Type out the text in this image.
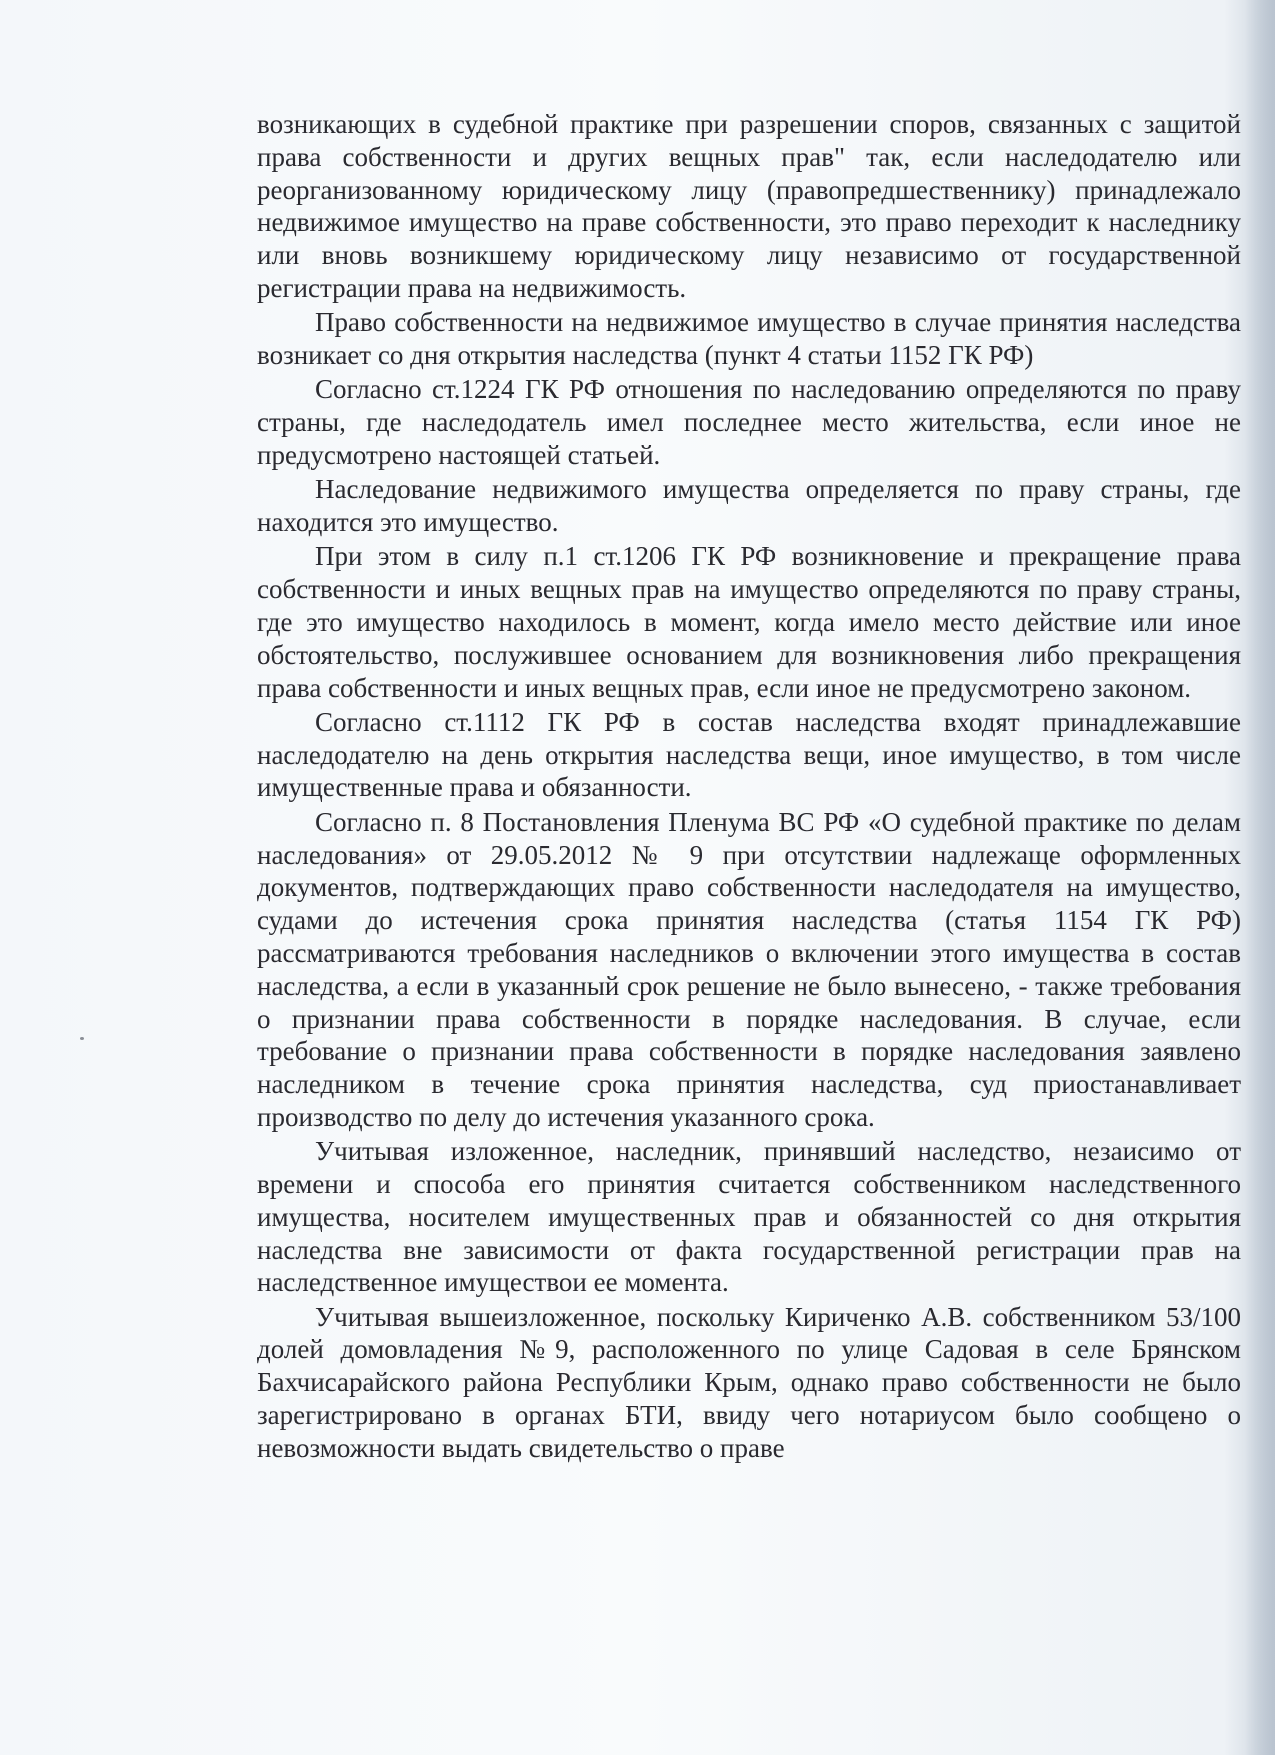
возникающих в судебной практике при разрешении споров, связанных с защитой права собственности и других вещных прав" так, если наследодателю или реорганизованному юридическому лицу (правопредшественнику) принадлежало недвижимое имущество на праве собственности, это право переходит к наследнику или вновь возникшему юридическому лицу независимо от государственной регистрации права на недвижимость.

Право собственности на недвижимое имущество в случае принятия наследства возникает со дня открытия наследства (пункт 4 статьи 1152 ГК РФ)

Согласно ст.1224 ГК РФ отношения по наследованию определяются по праву страны, где наследодатель имел последнее место жительства, если иное не предусмотрено настоящей статьей.

Наследование недвижимого имущества определяется по праву страны, где находится это имущество.

При этом в силу п.1 ст.1206 ГК РФ возникновение и прекращение права собственности и иных вещных прав на имущество определяются по праву страны, где это имущество находилось в момент, когда имело место действие или иное обстоятельство, послужившее основанием для возникновения либо прекращения права собственности и иных вещных прав, если иное не предусмотрено законом.

Согласно ст.1112 ГК РФ в состав наследства входят принадлежавшие наследодателю на день открытия наследства вещи, иное имущество, в том числе имущественные права и обязанности.

Согласно п. 8 Постановления Пленума ВС РФ «О судебной практике по делам наследования» от 29.05.2012 № 9 при отсутствии надлежаще оформленных документов, подтверждающих право собственности наследодателя на имущество, судами до истечения срока принятия наследства (статья 1154 ГК РФ) рассматриваются требования наследников о включении этого имущества в состав наследства, а если в указанный срок решение не было вынесено, - также требования о признании права собственности в порядке наследования. В случае, если требование о признании права собственности в порядке наследования заявлено наследником в течение срока принятия наследства, суд приостанавливает производство по делу до истечения указанного срока.

Учитывая изложенное, наследник, принявший наследство, незаисимо от времени и способа его принятия считается собственником наследственного имущества, носителем имущественных прав и обязанностей со дня открытия наследства вне зависимости от факта государственной регистрации прав на наследственное имуществои ее момента.

Учитывая вышеизложенное, поскольку Кириченко А.В. собственником 53/100 долей домовладения №9, расположенного по улице Садовая в селе Брянском Бахчисарайского района Республики Крым, однако право собственности не было зарегистрировано в органах БТИ, ввиду чего нотариусом было сообщено о невозможности выдать свидетельство о праве
